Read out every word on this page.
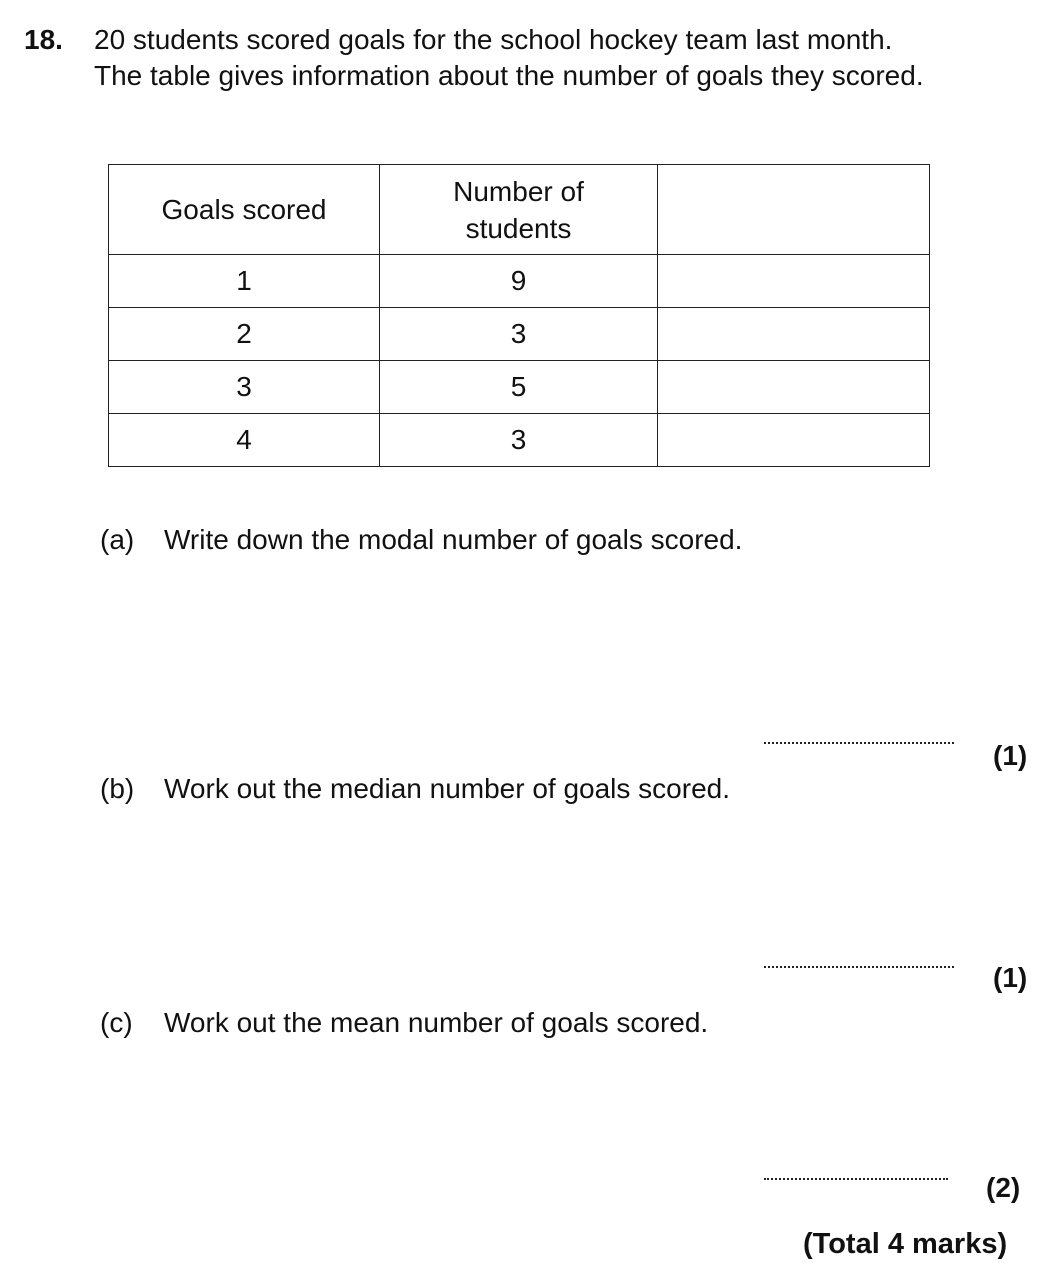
18. 20 students scored goals for the school hockey team last month.
The table gives information about the number of goals they scored.
Goals scored	Number of
students	
1	9	
2	3	
3	5	
4	3	
(a) Write down the modal number of goals scored.
(1)
(b) Work out the median number of goals scored.
(1)
(c) Work out the mean number of goals scored.
(2)
(Total 4 marks)
